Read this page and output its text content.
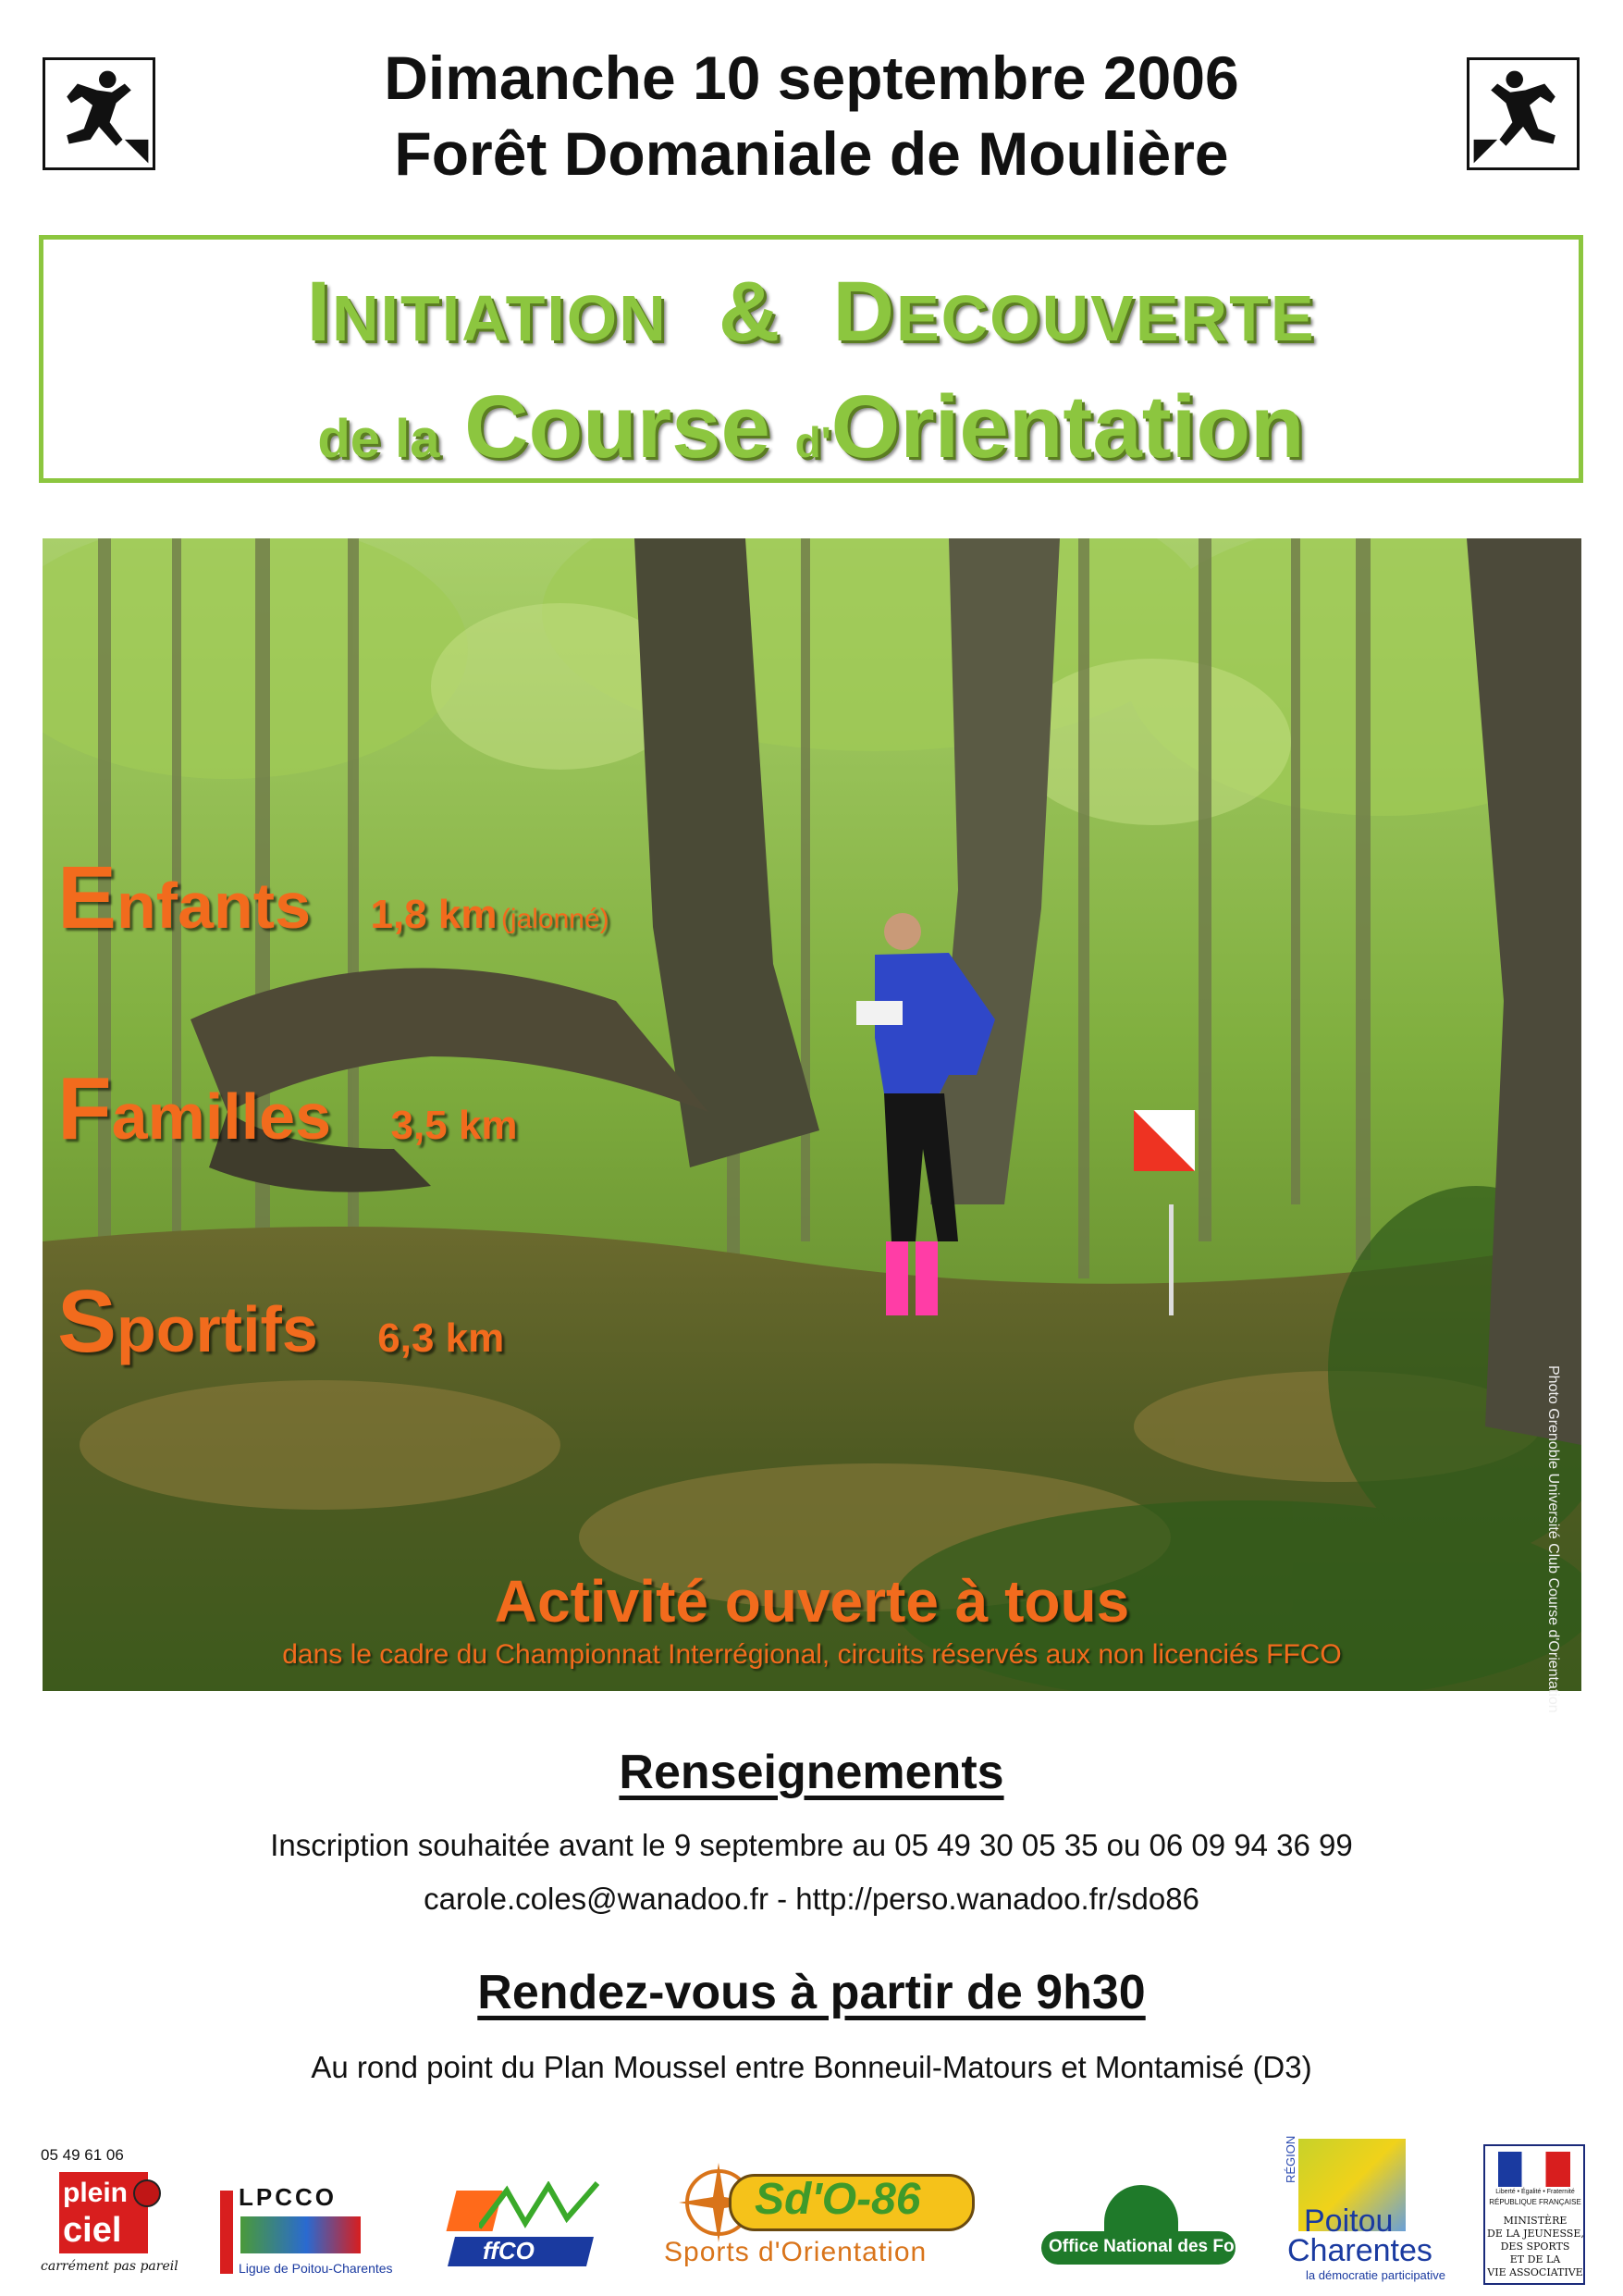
Dimanche 10 septembre 2006
Forêt Domaniale de Moulière
INITIATION & DECOUVERTE
de la Course d'Orientation
Enfants 1,8 km (jalonné)
Familles 3,5 km
Sportifs 6,3 km
Activité ouverte à tous
dans le cadre du Championnat Interrégional, circuits réservés aux non licenciés FFCO	Photo Grenoble Université Club Course d'Orientation
Renseignements
Inscription souhaitée avant le 9 septembre au 05 49 30 05 35 ou 06 09 94 36 99
carole.coles@wanadoo.fr - http://perso.wanadoo.fr/sdo86
Rendez-vous à partir de 9h30
Au rond point du Plan Moussel entre Bonneuil-Matours et Montamisé (D3)
05 49 61 06
plein
ciel
carrément pas pareil
LPCCO
Ligue de Poitou-Charentes
ffCO
Sd'O-86
Sports d'Orientation	Office National des Forêts
RÉGION
Poitou
Charentes
la démocratie participative
Liberté • Égalité • Fraternité
RÉPUBLIQUE FRANÇAISE
MINISTÈRE
DE LA JEUNESSE,
DES SPORTS
ET DE LA
VIE ASSOCIATIVE
